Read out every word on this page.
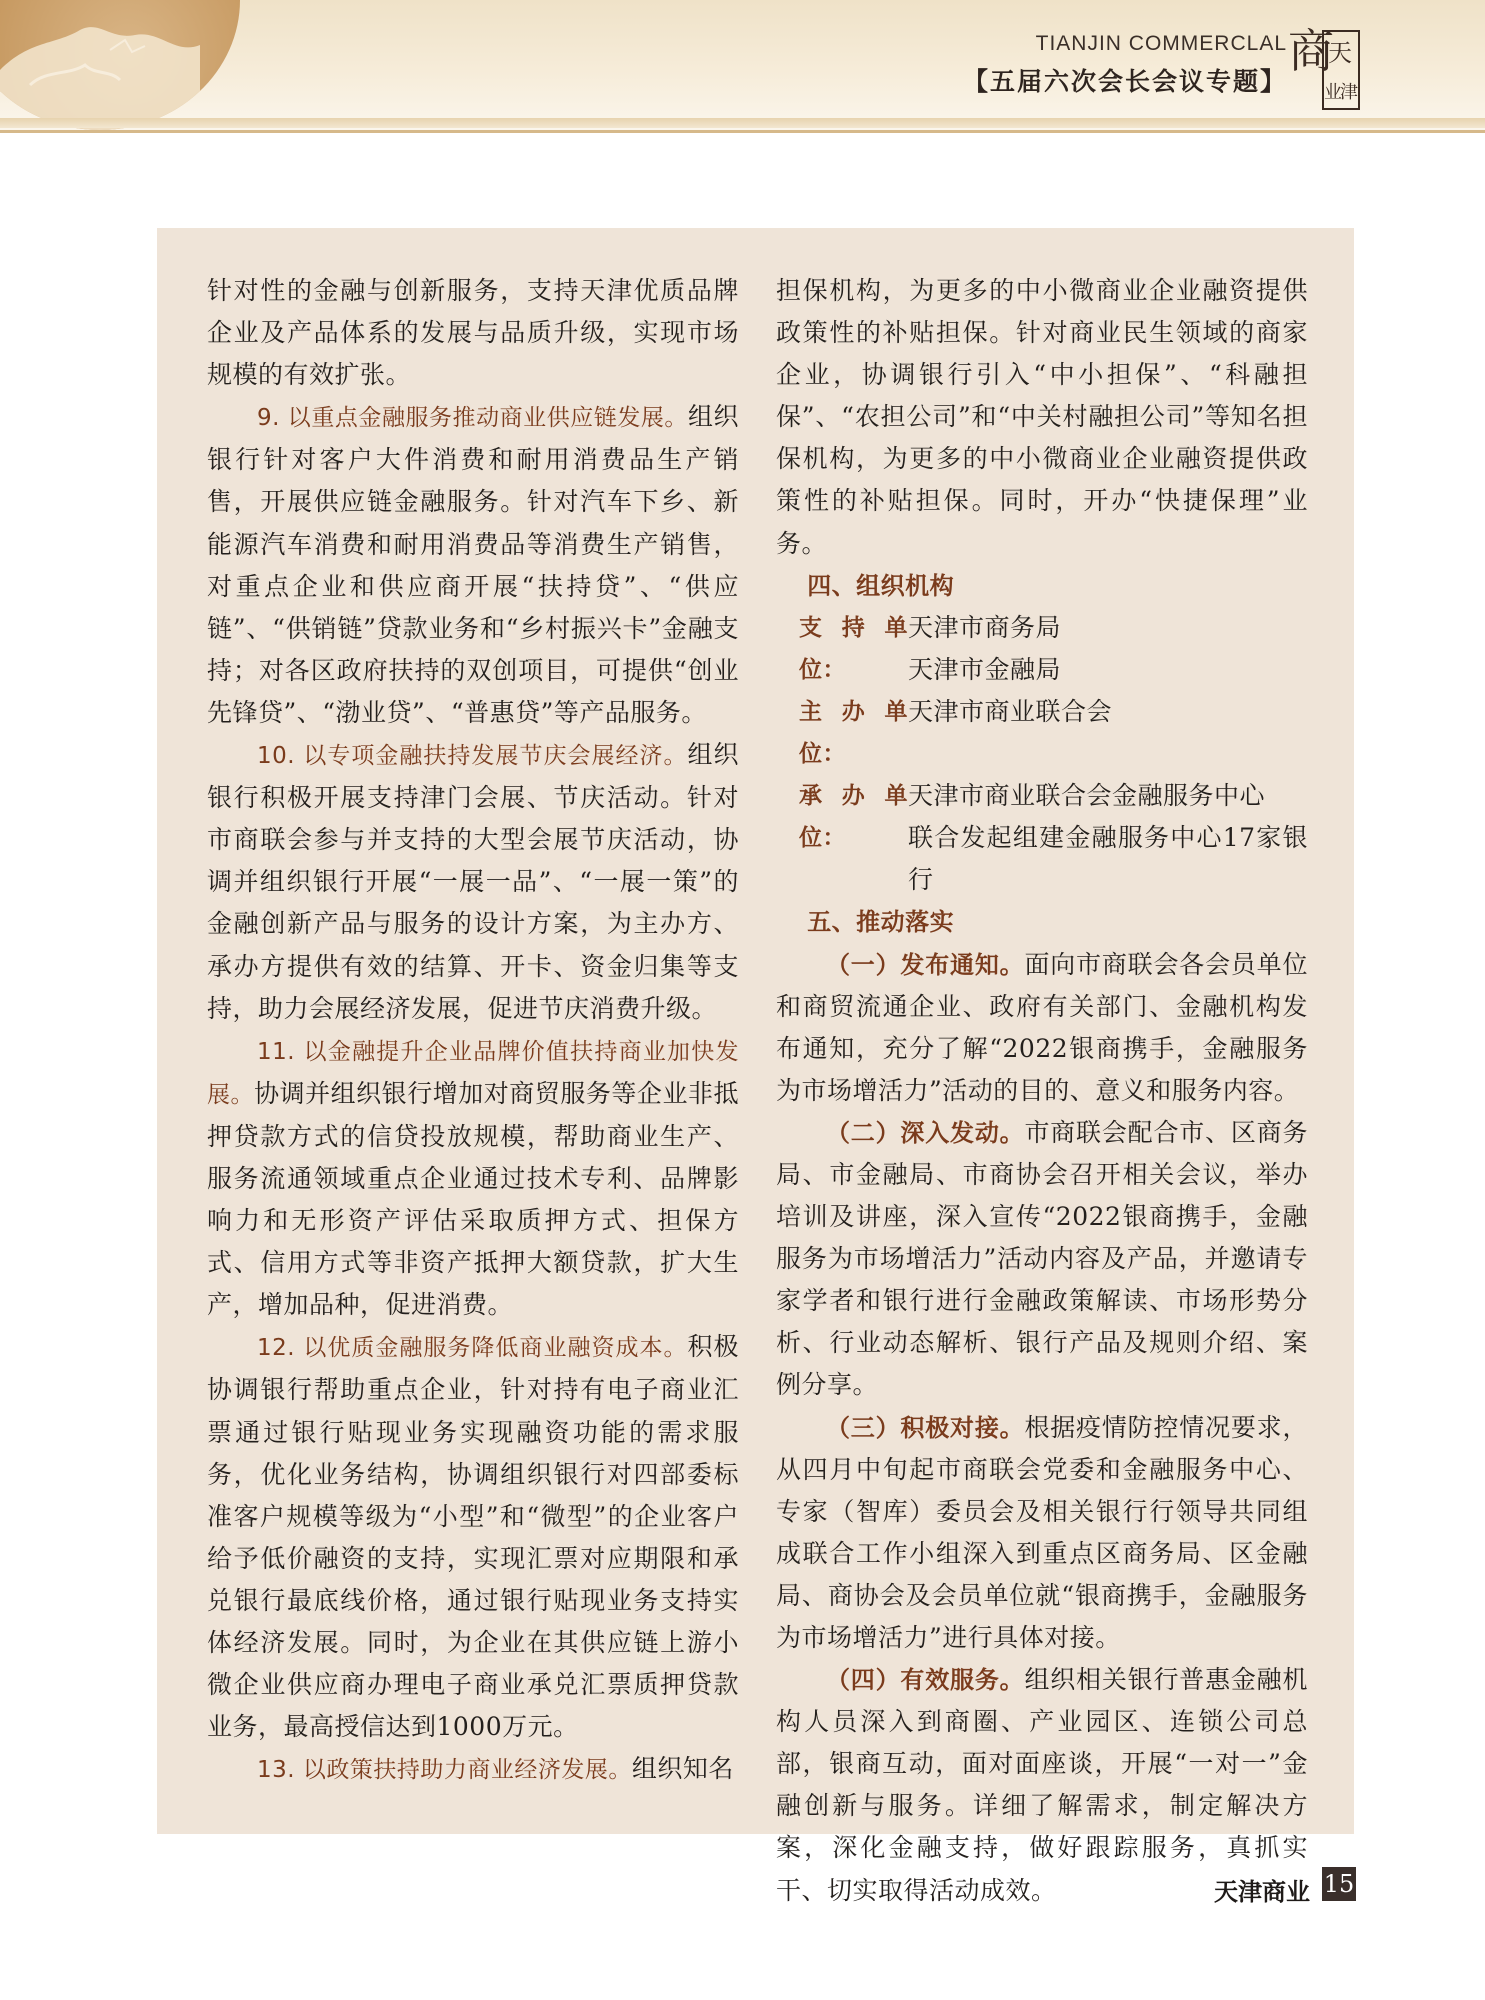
TIANJIN COMMERCLAL
【五届六次会长会议专题】
商
天
业津

针对性的金融与创新服务，支持天津优质品牌企业及产品体系的发展与品质升级，实现市场规模的有效扩张。

9. 以重点金融服务推动商业供应链发展。组织银行针对客户大件消费和耐用消费品生产销售，开展供应链金融服务。针对汽车下乡、新能源汽车消费和耐用消费品等消费生产销售，对重点企业和供应商开展“扶持贷”、“供应链”、“供销链”贷款业务和“乡村振兴卡”金融支持；对各区政府扶持的双创项目，可提供“创业先锋贷”、“渤业贷”、“普惠贷”等产品服务。

10. 以专项金融扶持发展节庆会展经济。组织银行积极开展支持津门会展、节庆活动。针对市商联会参与并支持的大型会展节庆活动，协调并组织银行开展“一展一品”、“一展一策”的金融创新产品与服务的设计方案，为主办方、承办方提供有效的结算、开卡、资金归集等支持，助力会展经济发展，促进节庆消费升级。

11. 以金融提升企业品牌价值扶持商业加快发展。协调并组织银行增加对商贸服务等企业非抵押贷款方式的信贷投放规模，帮助商业生产、服务流通领域重点企业通过技术专利、品牌影响力和无形资产评估采取质押方式、担保方式、信用方式等非资产抵押大额贷款，扩大生产，增加品种，促进消费。

12. 以优质金融服务降低商业融资成本。积极协调银行帮助重点企业，针对持有电子商业汇票通过银行贴现业务实现融资功能的需求服务，优化业务结构，协调组织银行对四部委标准客户规模等级为“小型”和“微型”的企业客户给予低价融资的支持，实现汇票对应期限和承兑银行最底线价格，通过银行贴现业务支持实体经济发展。同时，为企业在其供应链上游小微企业供应商办理电子商业承兑汇票质押贷款业务，最高授信达到1000万元。

13. 以政策扶持助力商业经济发展。组织知名

担保机构，为更多的中小微商业企业融资提供政策性的补贴担保。针对商业民生领域的商家企业，协调银行引入“中小担保”、“科融担保”、“农担公司”和“中关村融担公司”等知名担保机构，为更多的中小微商业企业融资提供政策性的补贴担保。同时，开办“快捷保理”业务。

四、组织机构

支持单位：
天津市商务局
天津市金融局
主办单位：
天津市商业联合会
承办单位：
天津市商业联合会金融服务中心
联合发起组建金融服务中心17家银行

五、推动落实

（一）发布通知。面向市商联会各会员单位和商贸流通企业、政府有关部门、金融机构发布通知，充分了解“2022银商携手，金融服务为市场增活力”活动的目的、意义和服务内容。

（二）深入发动。市商联会配合市、区商务局、市金融局、市商协会召开相关会议，举办培训及讲座，深入宣传“2022银商携手，金融服务为市场增活力”活动内容及产品，并邀请专家学者和银行进行金融政策解读、市场形势分析、行业动态解析、银行产品及规则介绍、案例分享。

（三）积极对接。根据疫情防控情况要求，从四月中旬起市商联会党委和金融服务中心、专家（智库）委员会及相关银行行领导共同组成联合工作小组深入到重点区商务局、区金融局、商协会及会员单位就“银商携手，金融服务为市场增活力”进行具体对接。

（四）有效服务。组织相关银行普惠金融机构人员深入到商圈、产业园区、连锁公司总部，银商互动，面对面座谈，开展“一对一”金融创新与服务。详细了解需求，制定解决方案，深化金融支持，做好跟踪服务，真抓实干、切实取得活动成效。	天津商业 15
